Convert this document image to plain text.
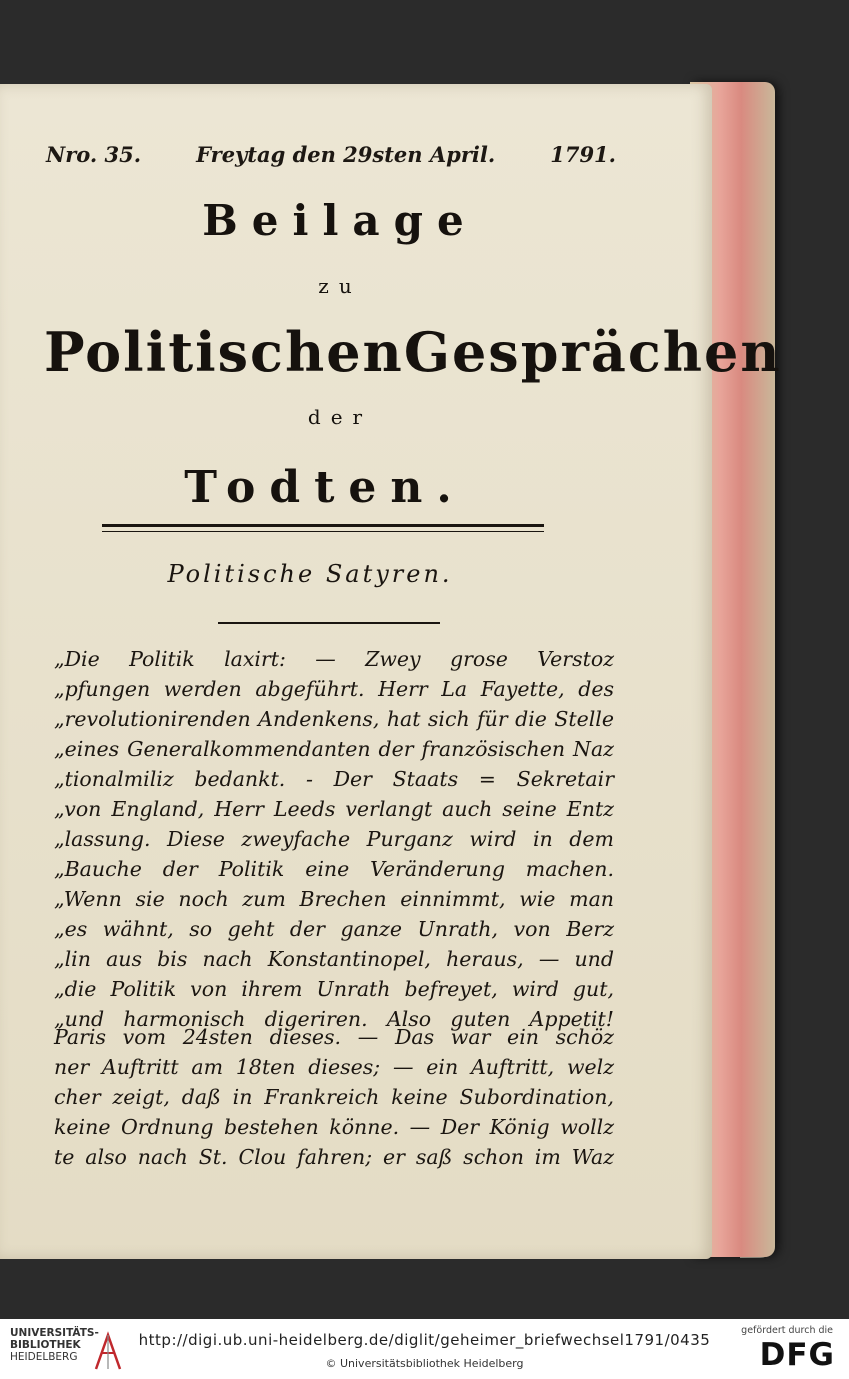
Nro. 35.	Freytag den 29sten April.	1791.
Beilage
zu
Politischen Gesprächen
der
Todten.
Politische Satyren.
„Die Politik laxirt: — Zwey grose Verstoz
„pfungen werden abgeführt. Herr La Fayette, des
„revolutionirenden Andenkens, hat sich für die Stelle
„eines Generalkommendanten der französischen Naz
„tionalmiliz bedankt. - Der Staats = Sekretair
„von England, Herr Leeds verlangt auch seine Entz
„lassung. Diese zweyfache Purganz wird in dem
„Bauche der Politik eine Veränderung machen.
„Wenn sie noch zum Brechen einnimmt, wie man
„es wähnt, so geht der ganze Unrath, von Berz
„lin aus bis nach Konstantinopel, heraus, — und
„die Politik von ihrem Unrath befreyet, wird gut,
„und harmonisch digeriren. Also guten Appetit!
Paris vom 24sten dieses. — Das war ein schöz
ner Auftritt am 18ten dieses; — ein Auftritt, welz
cher zeigt, daß in Frankreich keine Subordination,
keine Ordnung bestehen könne. — Der König wollz
te also nach St. Clou fahren; er saß schon im Waz
UNIVERSITÄTS-
BIBLIOTHEK
HEIDELBERG
http://digi.ub.uni-heidelberg.de/diglit/geheimer_briefwechsel1791/0435
© Universitätsbibliothek Heidelberg
gefördert durch die
DFG
